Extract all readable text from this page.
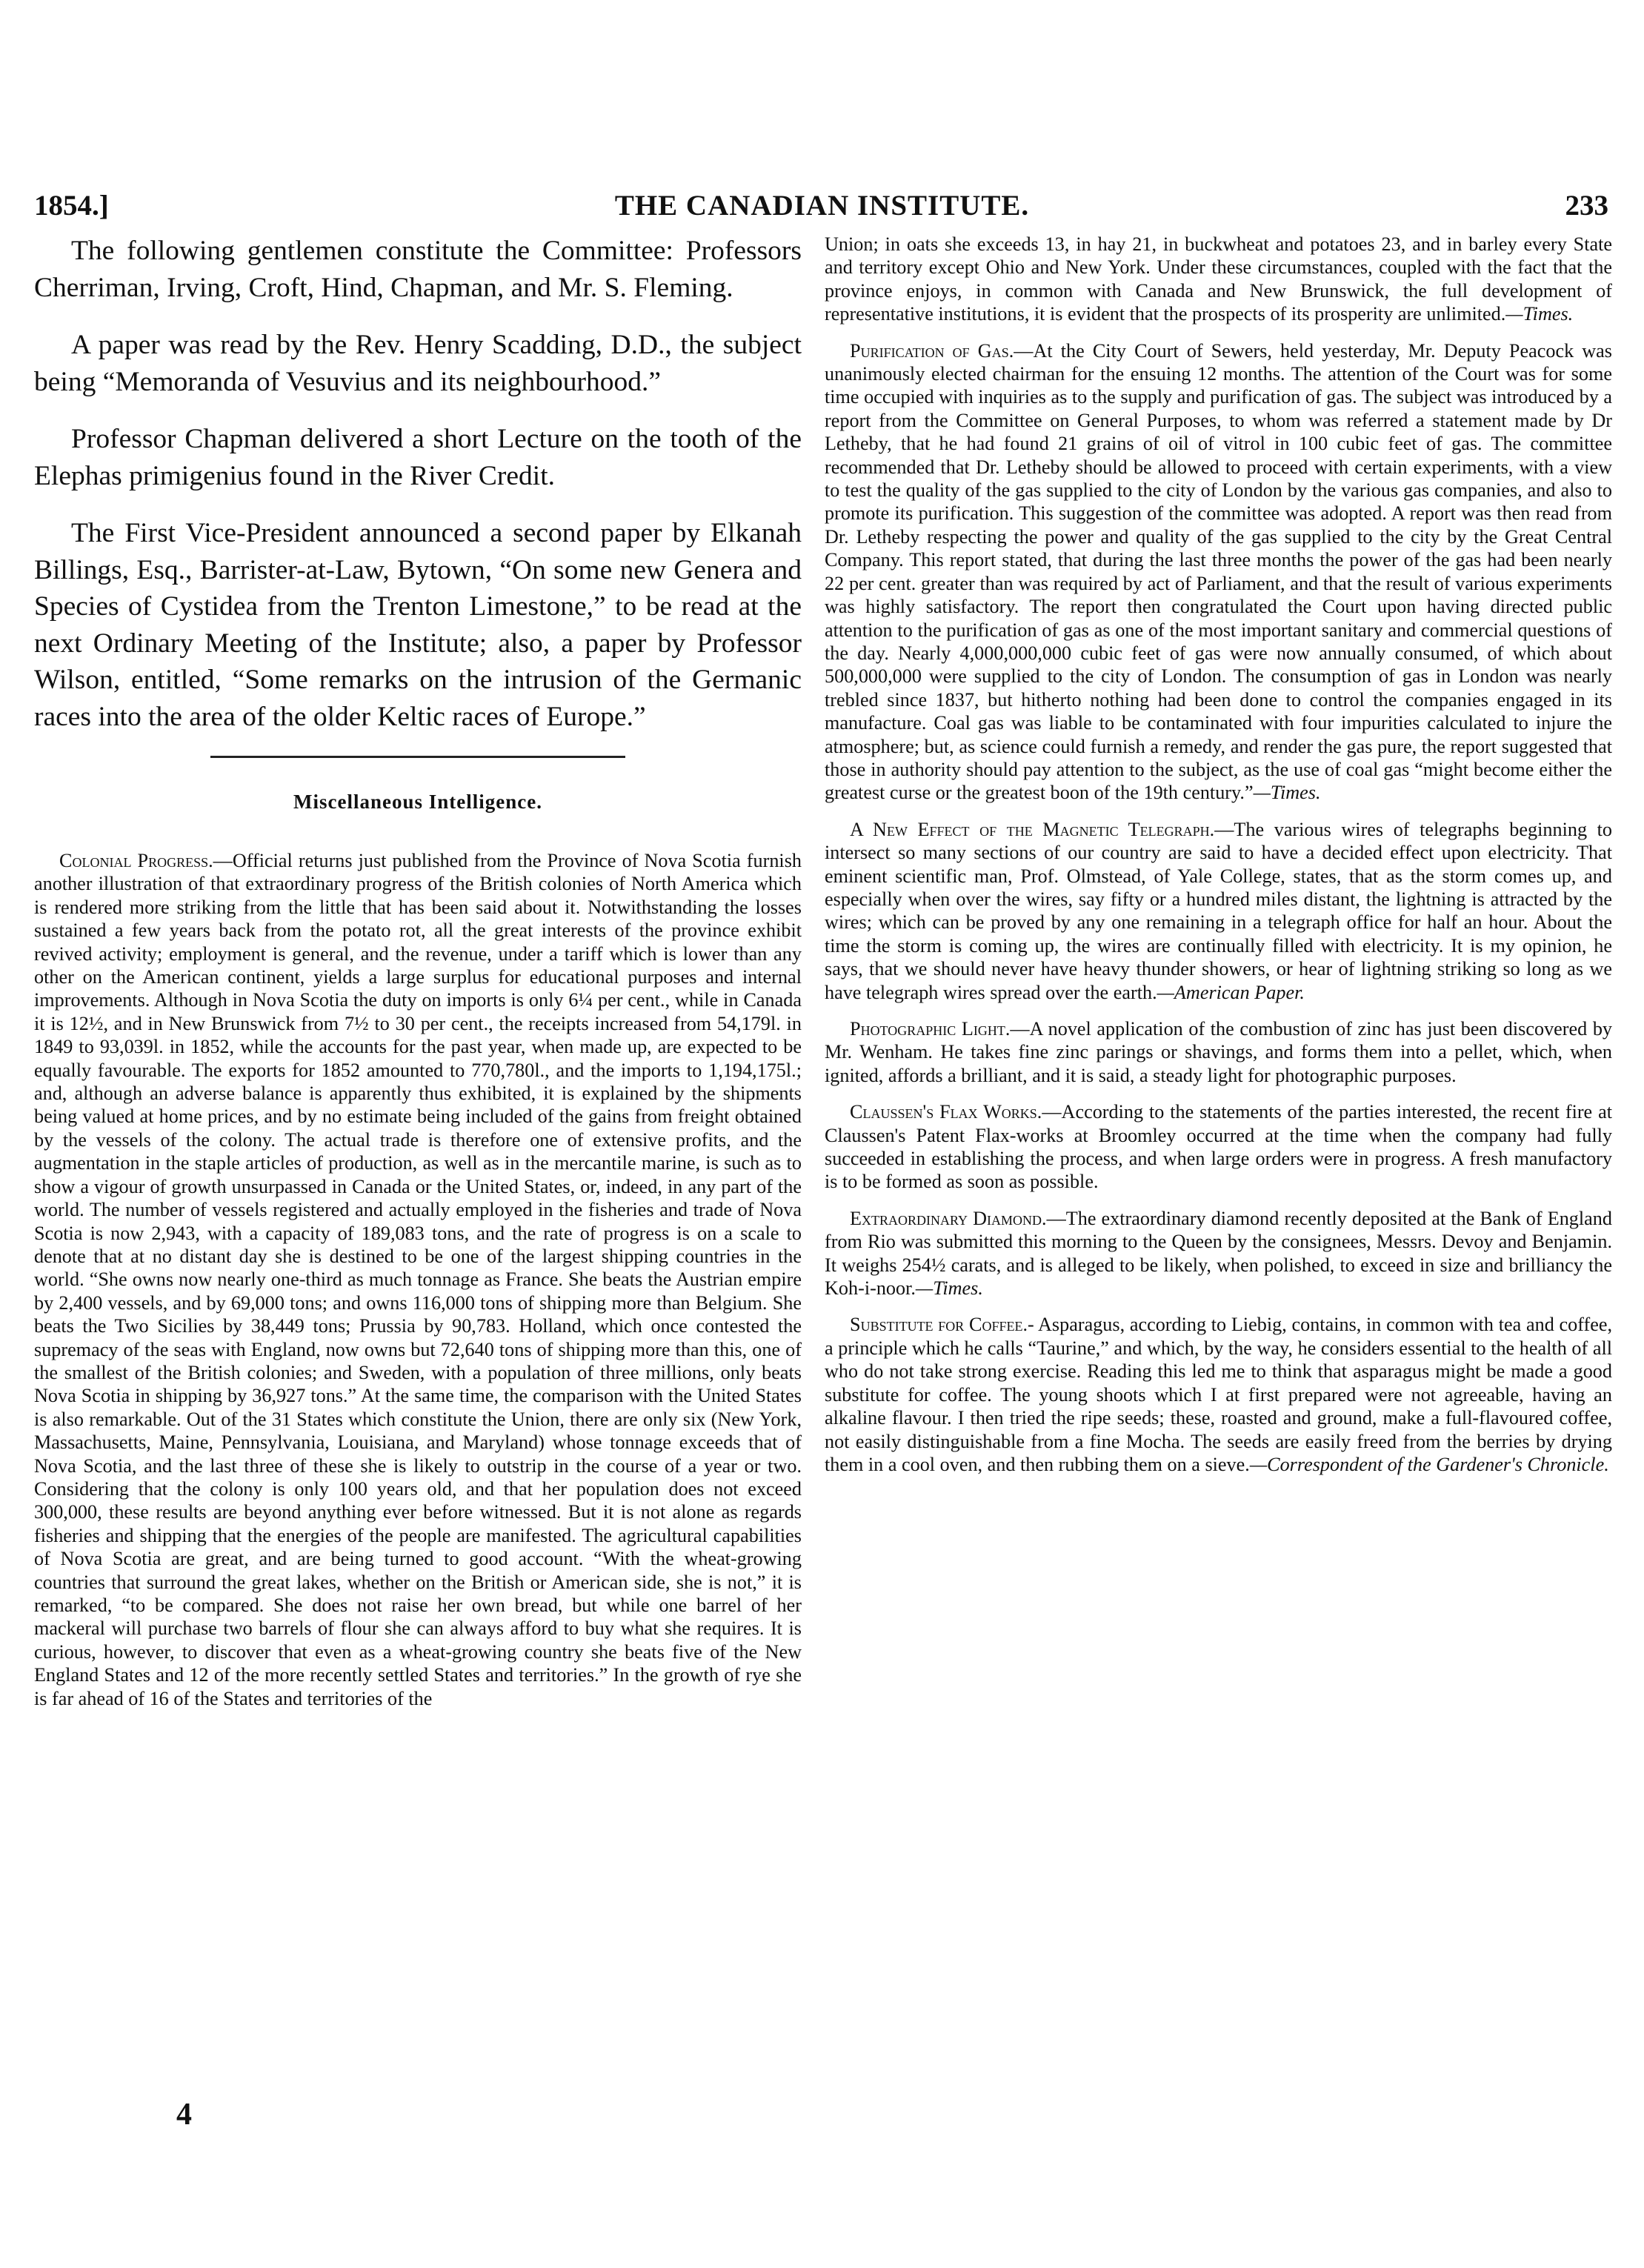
1854.]	THE CANADIAN INSTITUTE.	233

The following gentlemen constitute the Committee: Professors Cherriman, Irving, Croft, Hind, Chapman, and Mr. S. Fleming.

A paper was read by the Rev. Henry Scadding, D.D., the subject being “Memoranda of Vesuvius and its neighbourhood.”

Professor Chapman delivered a short Lecture on the tooth of the Elephas primigenius found in the River Credit.

The First Vice-President announced a second paper by Elkanah Billings, Esq., Barrister-at-Law, Bytown, “On some new Genera and Species of Cystidea from the Trenton Limestone,” to be read at the next Ordinary Meeting of the Institute; also, a paper by Professor Wilson, entitled, “Some remarks on the intrusion of the Germanic races into the area of the older Keltic races of Europe.”

Miscellaneous Intelligence.

Colonial Progress.—Official returns just published from the Province of Nova Scotia furnish another illustration of that extraordinary progress of the British colonies of North America which is rendered more striking from the little that has been said about it. Notwithstanding the losses sustained a few years back from the potato rot, all the great interests of the province exhibit revived activity; employment is general, and the revenue, under a tariff which is lower than any other on the American continent, yields a large surplus for educational purposes and internal improvements. Although in Nova Scotia the duty on imports is only 6¼ per cent., while in Canada it is 12½, and in New Brunswick from 7½ to 30 per cent., the receipts increased from 54,179l. in 1849 to 93,039l. in 1852, while the accounts for the past year, when made up, are expected to be equally favourable. The exports for 1852 amounted to 770,780l., and the imports to 1,194,175l.; and, although an adverse balance is apparently thus exhibited, it is explained by the shipments being valued at home prices, and by no estimate being included of the gains from freight obtained by the vessels of the colony. The actual trade is therefore one of extensive profits, and the augmentation in the staple articles of production, as well as in the mercantile marine, is such as to show a vigour of growth unsurpassed in Canada or the United States, or, indeed, in any part of the world. The number of vessels registered and actually employed in the fisheries and trade of Nova Scotia is now 2,943, with a capacity of 189,083 tons, and the rate of progress is on a scale to denote that at no distant day she is destined to be one of the largest shipping countries in the world. “She owns now nearly one-third as much tonnage as France. She beats the Austrian empire by 2,400 vessels, and by 69,000 tons; and owns 116,000 tons of shipping more than Belgium. She beats the Two Sicilies by 38,449 tons; Prussia by 90,783. Holland, which once contested the supremacy of the seas with England, now owns but 72,640 tons of shipping more than this, one of the smallest of the British colonies; and Sweden, with a population of three millions, only beats Nova Scotia in shipping by 36,927 tons.” At the same time, the comparison with the United States is also remarkable. Out of the 31 States which constitute the Union, there are only six (New York, Massachusetts, Maine, Pennsylvania, Louisiana, and Maryland) whose tonnage exceeds that of Nova Scotia, and the last three of these she is likely to outstrip in the course of a year or two. Considering that the colony is only 100 years old, and that her population does not exceed 300,000, these results are beyond anything ever before witnessed. But it is not alone as regards fisheries and shipping that the energies of the people are manifested. The agricultural capabilities of Nova Scotia are great, and are being turned to good account. “With the wheat-growing countries that surround the great lakes, whether on the British or American side, she is not,” it is remarked, “to be compared. She does not raise her own bread, but while one barrel of her mackeral will purchase two barrels of flour she can always afford to buy what she requires. It is curious, however, to discover that even as a wheat-growing country she beats five of the New England States and 12 of the more recently settled States and territories.” In the growth of rye she is far ahead of 16 of the States and territories of the

4

Union; in oats she exceeds 13, in hay 21, in buckwheat and potatoes 23, and in barley every State and territory except Ohio and New York. Under these circumstances, coupled with the fact that the province enjoys, in common with Canada and New Brunswick, the full development of representative institutions, it is evident that the prospects of its prosperity are unlimited.—Times.

Purification of Gas.—At the City Court of Sewers, held yesterday, Mr. Deputy Peacock was unanimously elected chairman for the ensuing 12 months. The attention of the Court was for some time occupied with inquiries as to the supply and purification of gas. The subject was introduced by a report from the Committee on General Purposes, to whom was referred a statement made by Dr Letheby, that he had found 21 grains of oil of vitrol in 100 cubic feet of gas. The committee recommended that Dr. Letheby should be allowed to proceed with certain experiments, with a view to test the quality of the gas supplied to the city of London by the various gas companies, and also to promote its purification. This suggestion of the committee was adopted. A report was then read from Dr. Letheby respecting the power and quality of the gas supplied to the city by the Great Central Company. This report stated, that during the last three months the power of the gas had been nearly 22 per cent. greater than was required by act of Parliament, and that the result of various experiments was highly satisfactory. The report then congratulated the Court upon having directed public attention to the purification of gas as one of the most important sanitary and commercial questions of the day. Nearly 4,000,000,000 cubic feet of gas were now annually consumed, of which about 500,000,000 were supplied to the city of London. The consumption of gas in London was nearly trebled since 1837, but hitherto nothing had been done to control the companies engaged in its manufacture. Coal gas was liable to be contaminated with four impurities calculated to injure the atmosphere; but, as science could furnish a remedy, and render the gas pure, the report suggested that those in authority should pay attention to the subject, as the use of coal gas “might become either the greatest curse or the greatest boon of the 19th century.”—Times.

A New Effect of the Magnetic Telegraph.—The various wires of telegraphs beginning to intersect so many sections of our country are said to have a decided effect upon electricity. That eminent scientific man, Prof. Olmstead, of Yale College, states, that as the storm comes up, and especially when over the wires, say fifty or a hundred miles distant, the lightning is attracted by the wires; which can be proved by any one remaining in a telegraph office for half an hour. About the time the storm is coming up, the wires are continually filled with electricity. It is my opinion, he says, that we should never have heavy thunder showers, or hear of lightning striking so long as we have telegraph wires spread over the earth.—American Paper.

Photographic Light.—A novel application of the combustion of zinc has just been discovered by Mr. Wenham. He takes fine zinc parings or shavings, and forms them into a pellet, which, when ignited, affords a brilliant, and it is said, a steady light for photographic purposes.

Claussen's Flax Works.—According to the statements of the parties interested, the recent fire at Claussen's Patent Flax-works at Broomley occurred at the time when the company had fully succeeded in establishing the process, and when large orders were in progress. A fresh manufactory is to be formed as soon as possible.

Extraordinary Diamond.—The extraordinary diamond recently deposited at the Bank of England from Rio was submitted this morning to the Queen by the consignees, Messrs. Devoy and Benjamin. It weighs 254½ carats, and is alleged to be likely, when polished, to exceed in size and brilliancy the Koh-i-noor.—Times.

Substitute for Coffee.- Asparagus, according to Liebig, contains, in common with tea and coffee, a principle which he calls “Taurine,” and which, by the way, he considers essential to the health of all who do not take strong exercise. Reading this led me to think that asparagus might be made a good substitute for coffee. The young shoots which I at first prepared were not agreeable, having an alkaline flavour. I then tried the ripe seeds; these, roasted and ground, make a full-flavoured coffee, not easily distinguishable from a fine Mocha. The seeds are easily freed from the berries by drying them in a cool oven, and then rubbing them on a sieve.—Correspondent of the Gardener's Chronicle.
